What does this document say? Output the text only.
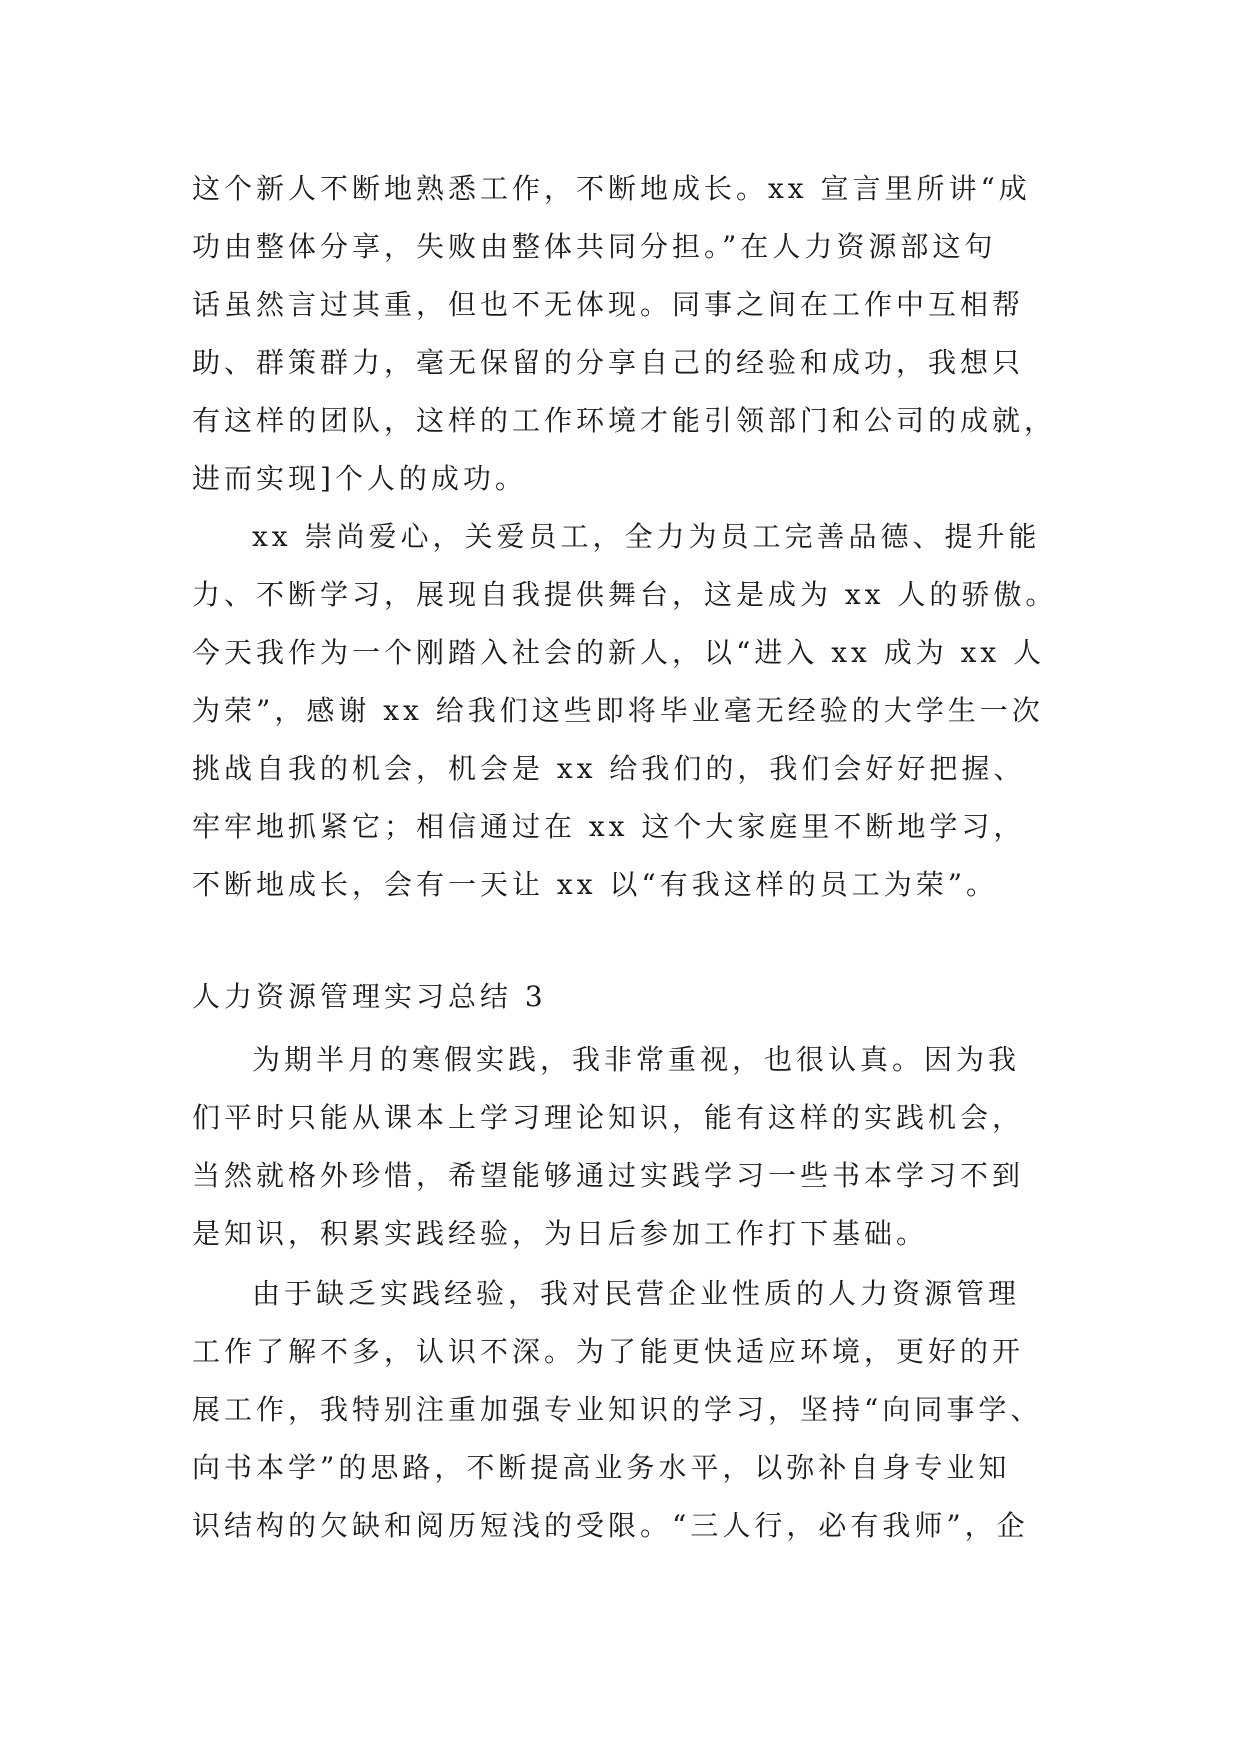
这个新人不断地熟悉工作，不断地成长。xx 宣言里所讲“成
功由整体分享，失败由整体共同分担。”在人力资源部这句
话虽然言过其重，但也不无体现。同事之间在工作中互相帮
助、群策群力，毫无保留的分享自己的经验和成功，我想只
有这样的团队，这样的工作环境才能引领部门和公司的成就，
进而实现]个人的成功。
xx 崇尚爱心，关爱员工，全力为员工完善品德、提升能
力、不断学习，展现自我提供舞台，这是成为 xx 人的骄傲。
今天我作为一个刚踏入社会的新人，以“进入 xx 成为 xx 人
为荣”，感谢 xx 给我们这些即将毕业毫无经验的大学生一次
挑战自我的机会，机会是 xx 给我们的，我们会好好把握、
牢牢地抓紧它；相信通过在 xx 这个大家庭里不断地学习，
不断地成长，会有一天让 xx 以“有我这样的员工为荣”。
人力资源管理实习总结 3
为期半月的寒假实践，我非常重视，也很认真。因为我
们平时只能从课本上学习理论知识，能有这样的实践机会，
当然就格外珍惜，希望能够通过实践学习一些书本学习不到
是知识，积累实践经验，为日后参加工作打下基础。
由于缺乏实践经验，我对民营企业性质的人力资源管理
工作了解不多，认识不深。为了能更快适应环境，更好的开
展工作，我特别注重加强专业知识的学习，坚持“向同事学、
向书本学”的思路，不断提高业务水平，以弥补自身专业知
识结构的欠缺和阅历短浅的受限。“三人行，必有我师”，企
